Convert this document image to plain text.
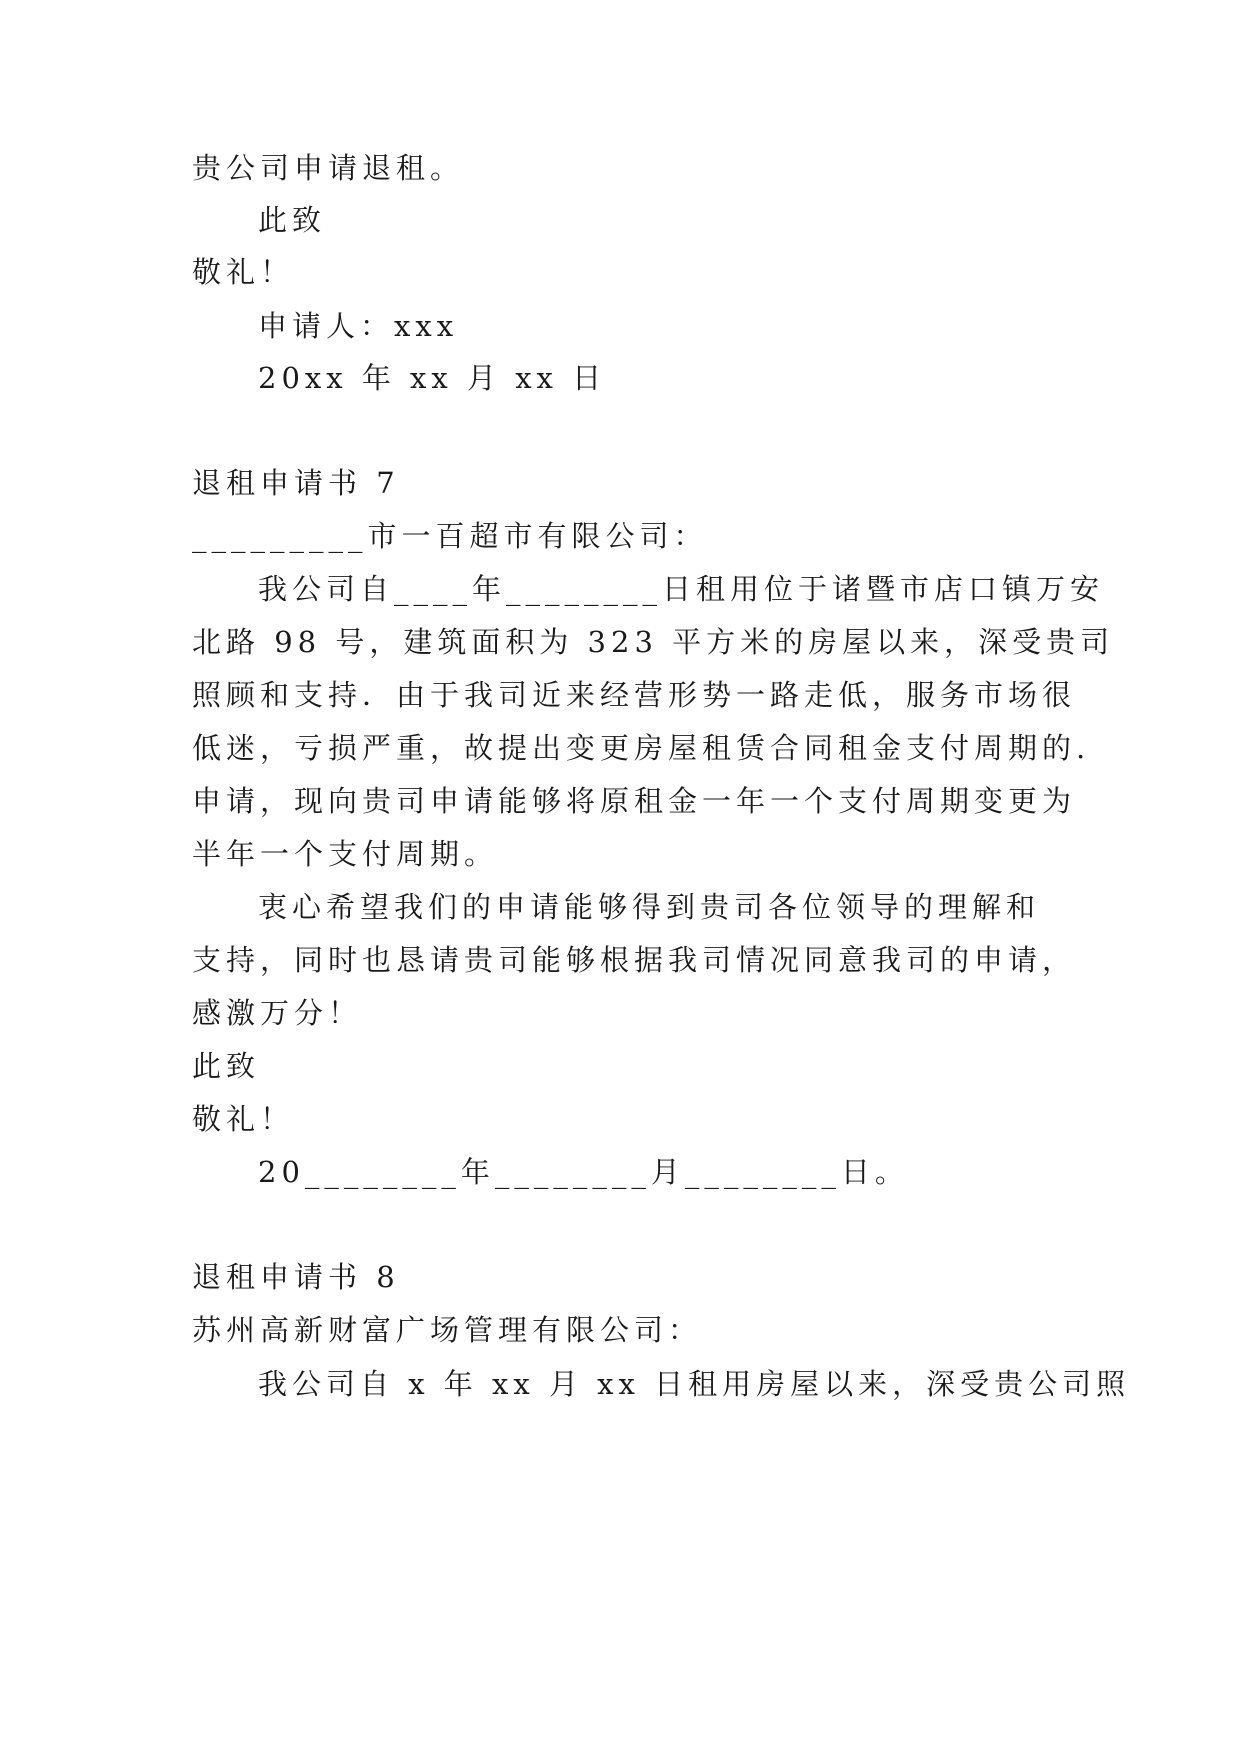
贵公司申请退租。
此致
敬礼！
申请人：xxx
20xx 年 xx 月 xx 日
退租申请书 7
_________市一百超市有限公司：
我公司自____年________日租用位于诸暨市店口镇万安
北路 98 号，建筑面积为 323 平方米的房屋以来，深受贵司
照顾和支持．由于我司近来经营形势一路走低，服务市场很
低迷，亏损严重，故提出变更房屋租赁合同租金支付周期的.
申请，现向贵司申请能够将原租金一年一个支付周期变更为
半年一个支付周期。
衷心希望我们的申请能够得到贵司各位领导的理解和
支持，同时也恳请贵司能够根据我司情况同意我司的申请，
感激万分！
此致
敬礼！
20________年________月________日。
退租申请书 8
苏州高新财富广场管理有限公司：
我公司自 x 年 xx 月 xx 日租用房屋以来，深受贵公司照
